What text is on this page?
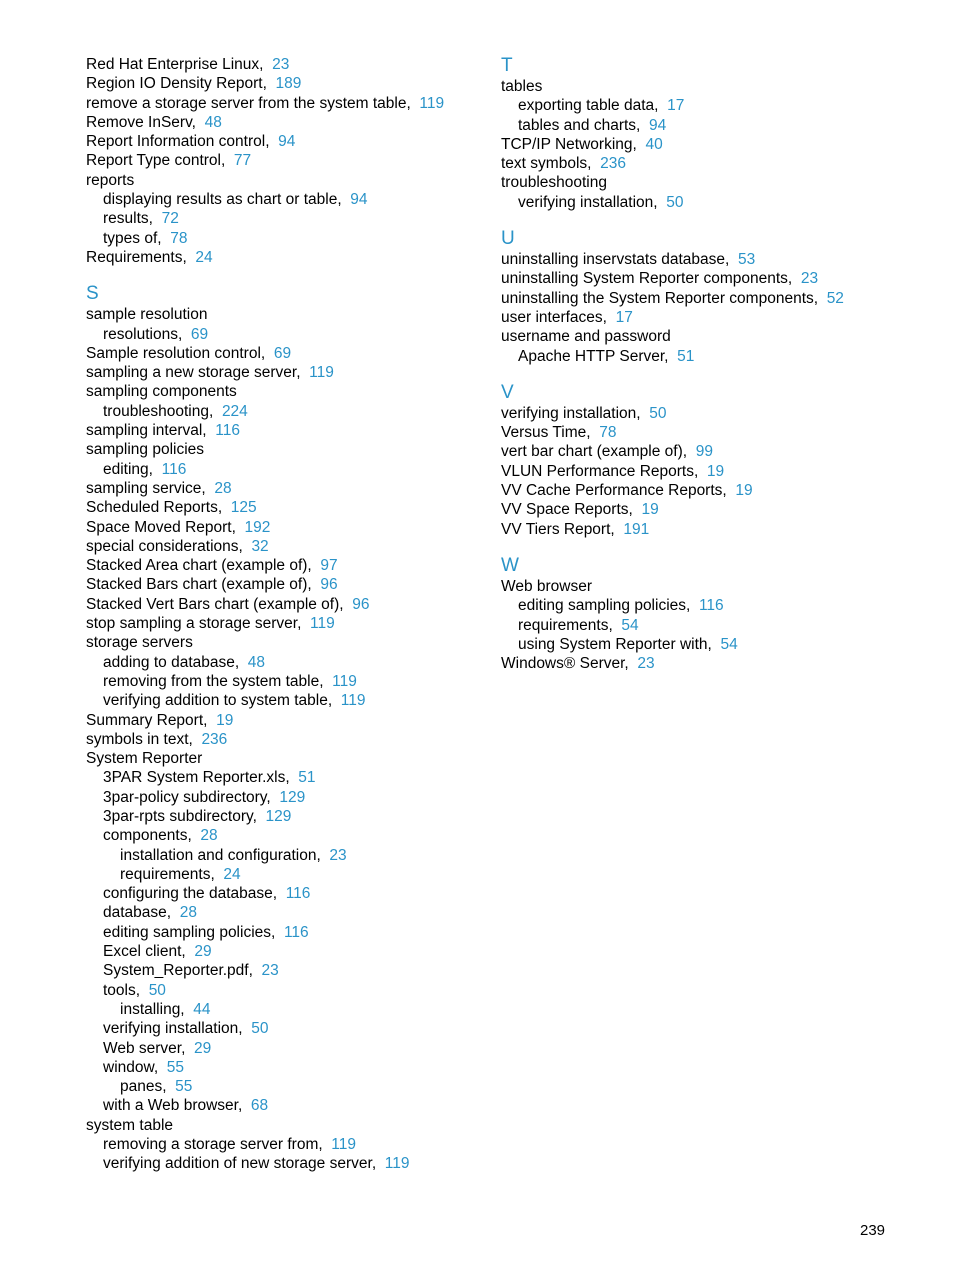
Red Hat Enterprise Linux, 23
Region IO Density Report, 189
remove a storage server from the system table, 119
Remove InServ, 48
Report Information control, 94
Report Type control, 77
reports
displaying results as chart or table, 94
results, 72
types of, 78
Requirements, 24
S
sample resolution
resolutions, 69
Sample resolution control, 69
sampling a new storage server, 119
sampling components
troubleshooting, 224
sampling interval, 116
sampling policies
editing, 116
sampling service, 28
Scheduled Reports, 125
Space Moved Report, 192
special considerations, 32
Stacked Area chart (example of), 97
Stacked Bars chart (example of), 96
Stacked Vert Bars chart (example of), 96
stop sampling a storage server, 119
storage servers
adding to database, 48
removing from the system table, 119
verifying addition to system table, 119
Summary Report, 19
symbols in text, 236
System Reporter
3PAR System Reporter.xls, 51
3par-policy subdirectory, 129
3par-rpts subdirectory, 129
components, 28
installation and configuration, 23
requirements, 24
configuring the database, 116
database, 28
editing sampling policies, 116
Excel client, 29
System_Reporter.pdf, 23
tools, 50
installing, 44
verifying installation, 50
Web server, 29
window, 55
panes, 55
with a Web browser, 68
system table
removing a storage server from, 119
verifying addition of new storage server, 119
T
tables
exporting table data, 17
tables and charts, 94
TCP/IP Networking, 40
text symbols, 236
troubleshooting
verifying installation, 50
U
uninstalling inservstats database, 53
uninstalling System Reporter components, 23
uninstalling the System Reporter components, 52
user interfaces, 17
username and password
Apache HTTP Server, 51
V
verifying installation, 50
Versus Time, 78
vert bar chart (example of), 99
VLUN Performance Reports, 19
VV Cache Performance Reports, 19
VV Space Reports, 19
VV Tiers Report, 191
W
Web browser
editing sampling policies, 116
requirements, 54
using System Reporter with, 54
Windows® Server, 23
239
